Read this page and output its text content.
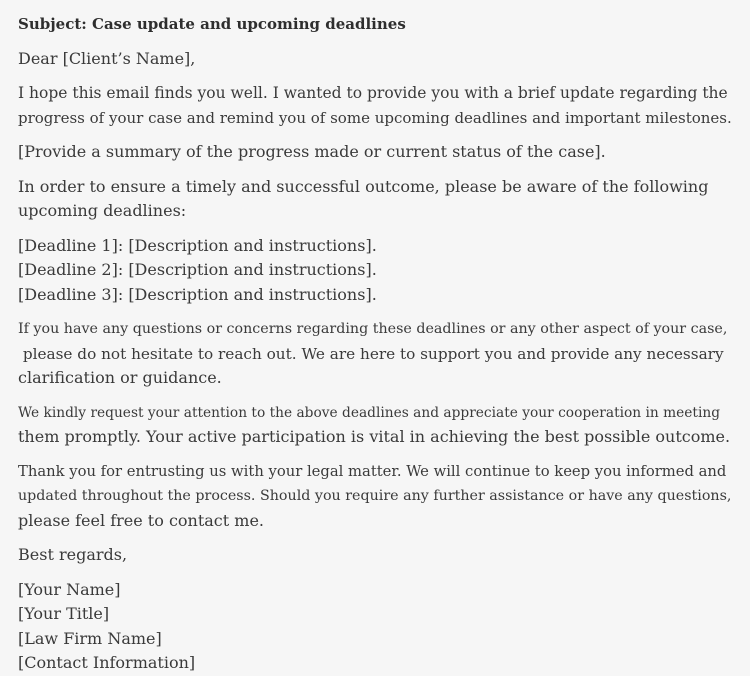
Subject: Case update and upcoming deadlines

Dear [Client’s Name],

I hope this email finds you well. I wanted to provide you with a brief update regarding the
progress of your case and remind you of some upcoming deadlines and important milestones.

[Provide a summary of the progress made or current status of the case].

In order to ensure a timely and successful outcome, please be aware of the following
upcoming deadlines:

[Deadline 1]: [Description and instructions].
[Deadline 2]: [Description and instructions].
[Deadline 3]: [Description and instructions].

If you have any questions or concerns regarding these deadlines or any other aspect of your case,
please do not hesitate to reach out. We are here to support you and provide any necessary
clarification or guidance.

We kindly request your attention to the above deadlines and appreciate your cooperation in meeting
them promptly. Your active participation is vital in achieving the best possible outcome.

Thank you for entrusting us with your legal matter. We will continue to keep you informed and
updated throughout the process. Should you require any further assistance or have any questions,
please feel free to contact me.

Best regards,

[Your Name]
[Your Title]
[Law Firm Name]
[Contact Information]
